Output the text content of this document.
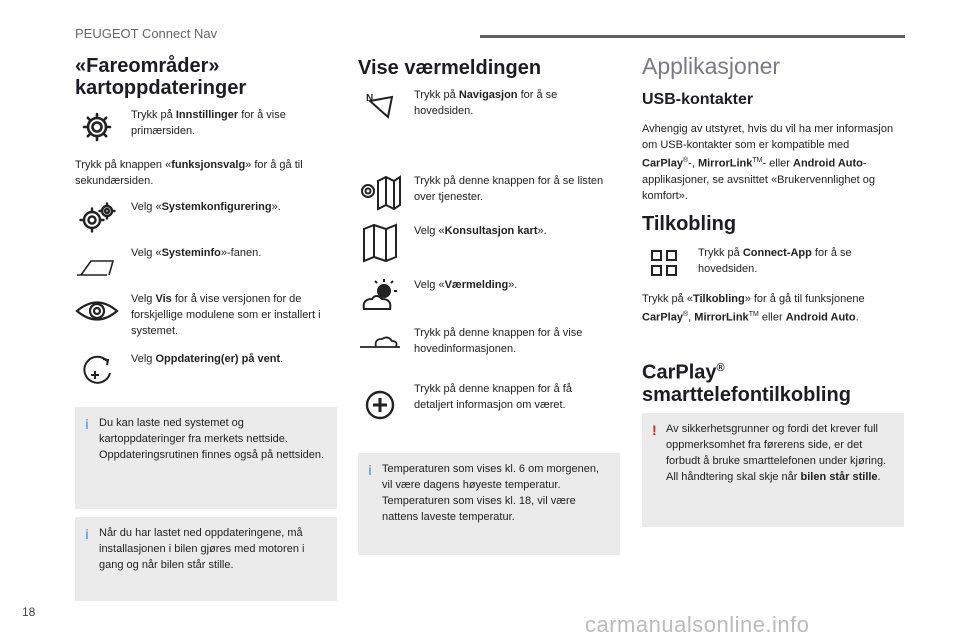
PEUGEOT Connect Nav
«Fareområder»
kartoppdateringer
Trykk på Innstillinger for å vise primærsiden.

Trykk på knappen «funksjonsvalg» for å gå til sekundærsiden.

Velg «Systemkonfigurering».
Velg «Systeminfo»-fanen.
Velg Vis for å vise versjonen for de forskjellige modulene som er installert i systemet.
Velg Oppdatering(er) på vent.
i Du kan laste ned systemet og kartoppdateringer fra merkets nettside. Oppdateringsrutinen finnes også på nettsiden.
i Når du har lastet ned oppdateringene, må installasjonen i bilen gjøres med motoren i gang og når bilen står stille.
Vise værmeldingen
N	Trykk på Navigasjon for å se hovedsiden.
Trykk på denne knappen for å se listen over tjenester.
Velg «Konsultasjon kart».
Velg «Værmelding».
Trykk på denne knappen for å vise hovedinformasjonen.
Trykk på denne knappen for å få detaljert informasjon om været.
i Temperaturen som vises kl. 6 om morgenen, vil være dagens høyeste temperatur.
Temperaturen som vises kl. 18, vil være nattens laveste temperatur.
Applikasjoner
USB-kontakter

Avhengig av utstyret, hvis du vil ha mer informasjon om USB-kontakter som er kompatible med CarPlay®-, MirrorLink™- eller Android Auto-applikasjoner, se avsnittet «Brukervennlighet og komfort».

Tilkobling
Trykk på Connect-App for å se hovedsiden.

Trykk på «Tilkobling» for å gå til funksjonene CarPlay®, MirrorLink™ eller Android Auto.

CarPlay®
smarttelefontilkobling
! Av sikkerhetsgrunner og fordi det krever full oppmerksomhet fra førerens side, er det forbudt å bruke smarttelefonen under kjøring.
All håndtering skal skje når bilen står stille.
18	carmanualsonline.info
